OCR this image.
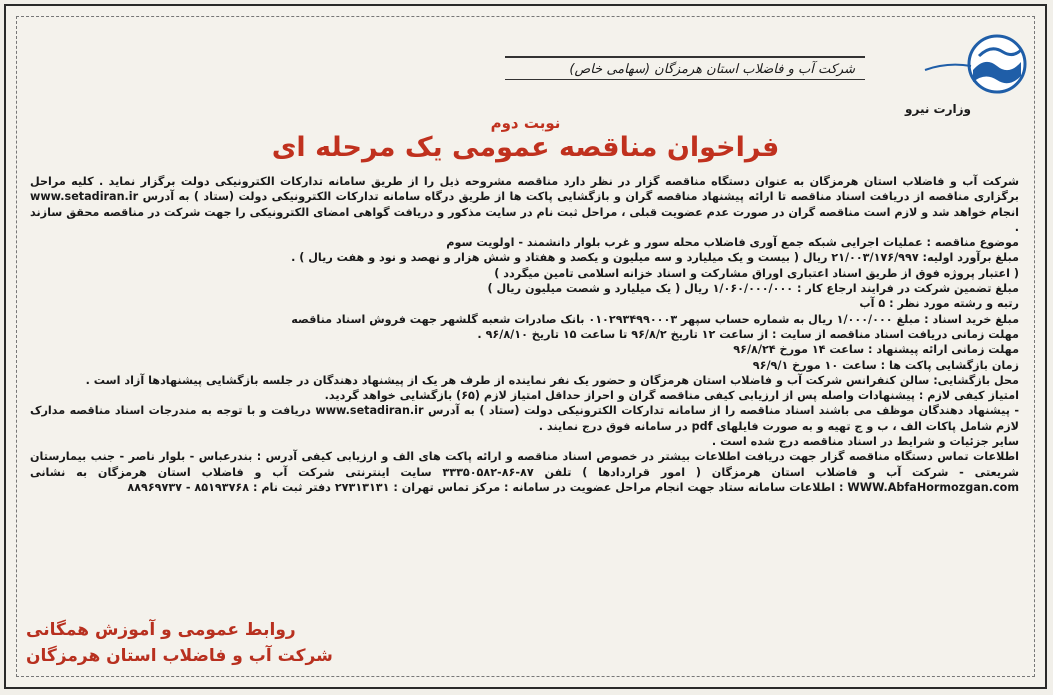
وزارت نیرو
شرکت آب و فاضلاب استان هرمزگان (سهامی خاص)
نوبت دوم
فراخوان مناقصه عمومی یک مرحله ای

شرکت آب و فاضلاب استان هرمزگان به عنوان دستگاه مناقصه گزار در نظر دارد مناقصه مشروحه ذیل را از طریق سامانه تدارکات الکترونیکی دولت برگزار نماید . کلیه مراحل برگزاری مناقصه از دریافت اسناد مناقصه تا ارائه پیشنهاد مناقصه گران و بازگشایی پاکت ها از طریق درگاه سامانه تدارکات الکترونیکی دولت (ستاد ) به آدرس www.setadiran.ir انجام خواهد شد و لازم است مناقصه گران در صورت عدم عضویت قبلی ، مراحل ثبت نام در سایت مذکور و دریافت گواهی امضای الکترونیکی را جهت شرکت در مناقصه محقق سازند .

موضوع مناقصه : عملیات اجرایی شبکه جمع آوری فاضلاب محله سور و غرب بلوار دانشمند - اولویت سوم

مبلغ برآورد اولیه: ۲۱/۰۰۳/۱۷۶/۹۹۷ ریال ( بیست و یک میلیارد و سه میلیون و یکصد و هفتاد و شش هزار و نهصد و نود و هفت ریال ) .

( اعتبار پروژه فوق از طریق اسناد اعتباری اوراق مشارکت و اسناد خزانه اسلامی تامین میگردد )

مبلغ تضمین شرکت در فرایند ارجاع کار : ۱/۰۶۰/۰۰۰/۰۰۰ ریال ( یک میلیارد و شصت میلیون ریال )

رتبه و رشته مورد نظر : ۵ آب

مبلغ خرید اسناد : مبلغ ۱/۰۰۰/۰۰۰ ریال به شماره حساب سپهر ۰۱۰۲۹۳۴۹۹۰۰۰۳ بانک صادرات شعبه گلشهر جهت فروش اسناد مناقصه

مهلت زمانی دریافت اسناد مناقصه از سایت : از ساعت ۱۲ تاریخ ۹۶/۸/۲ تا ساعت ۱۵ تاریخ ۹۶/۸/۱۰ .

مهلت زمانی ارائه پیشنهاد : ساعت ۱۴ مورخ ۹۶/۸/۲۴

زمان بازگشایی پاکت ها : ساعت ۱۰ مورخ ۹۶/۹/۱

محل بازگشایی: سالن کنفرانس شرکت آب و فاضلاب استان هرمزگان و حضور یک نفر نماینده از طرف هر یک از پیشنهاد دهندگان در جلسه بازگشایی پیشنهادها آزاد است .

امتیاز کیفی لازم : پیشنهادات واصله پس از ارزیابی کیفی مناقصه گران و احراز حداقل امتیاز لازم (۶۵) بازگشایی خواهد گردید.

- پیشنهاد دهندگان موظف می باشند اسناد مناقصه را از سامانه تدارکات الکترونیکی دولت (ستاد ) به آدرس www.setadiran.ir دریافت و با توجه به مندرجات اسناد مناقصه مدارک لازم شامل پاکات الف ، ب و ج تهیه و به صورت فایلهای pdf در سامانه فوق درج نمایند .

سایر جزئیات و شرایط در اسناد مناقصه درج شده است .

اطلاعات تماس دستگاه مناقصه گزار جهت دریافت اطلاعات بیشتر در خصوص اسناد مناقصه و ارائه پاکت های الف و ارزیابی کیفی آدرس : بندرعباس - بلوار ناصر - جنب بیمارستان شریعتی - شرکت آب و فاضلاب استان هرمزگان ( امور قراردادها ) تلفن ۸۷-۸۶-۳۳۳۵۰۵۸۲ سایت اینترنتی شرکت آب و فاضلاب استان هرمزگان به نشانی WWW.AbfaHormozgan.com : اطلاعات سامانه ستاد جهت انجام مراحل عضویت در سامانه : مرکز تماس تهران : ۲۷۳۱۳۱۳۱ دفتر ثبت نام : ۸۵۱۹۳۷۶۸ - ۸۸۹۶۹۷۳۷

روابط عمومی و آموزش همگانی
شرکت آب و فاضلاب استان هرمزگان
